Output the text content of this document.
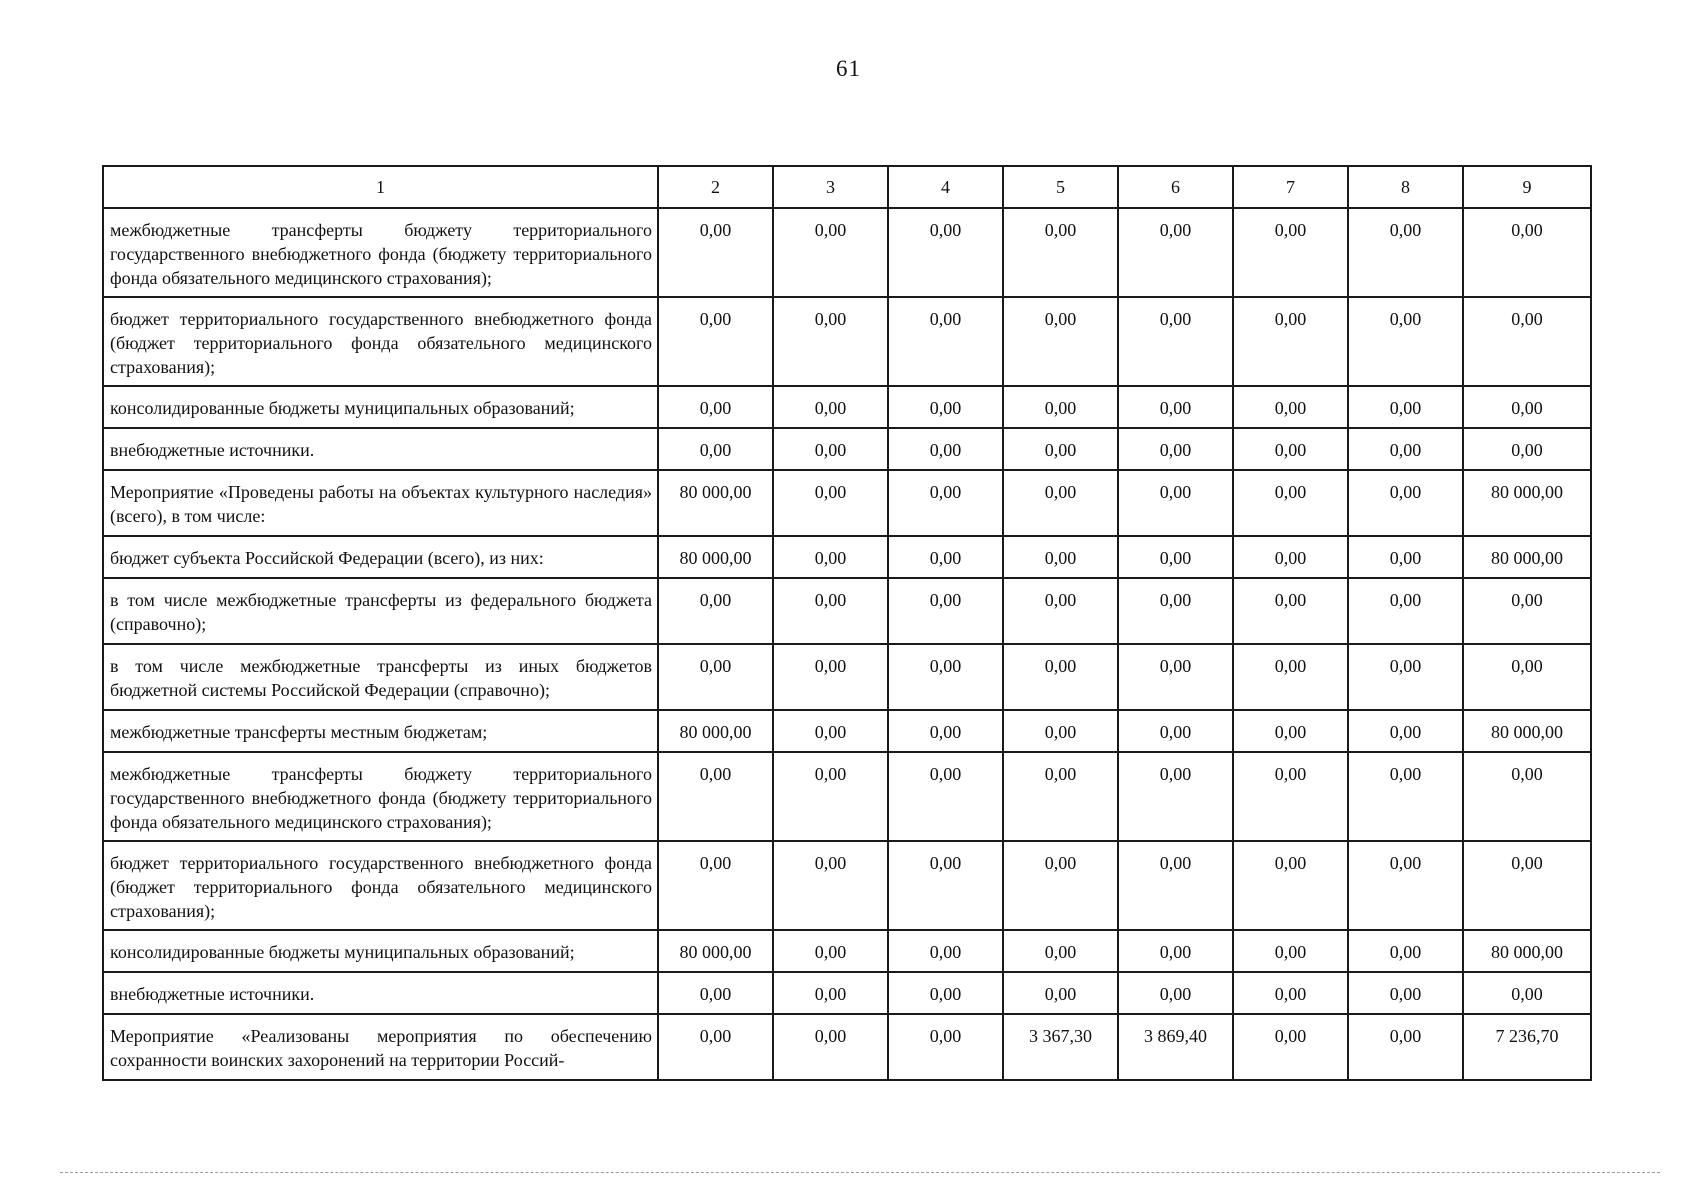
61
1	2	3	4	5	6	7	8	9
межбюджетные трансферты бюджету территориального государственного внебюджетного фонда (бюджету территориального фонда обязательного медицинского страхования);	0,00	0,00	0,00	0,00	0,00	0,00	0,00	0,00
бюджет территориального государственного внебюджетного фонда (бюджет территориального фонда обязательного медицинского страхования);	0,00	0,00	0,00	0,00	0,00	0,00	0,00	0,00
консолидированные бюджеты муниципальных образований;	0,00	0,00	0,00	0,00	0,00	0,00	0,00	0,00
внебюджетные источники.	0,00	0,00	0,00	0,00	0,00	0,00	0,00	0,00
Мероприятие «Проведены работы на объектах культурного наследия» (всего), в том числе:	80 000,00	0,00	0,00	0,00	0,00	0,00	0,00	80 000,00
бюджет субъекта Российской Федерации (всего), из них:	80 000,00	0,00	0,00	0,00	0,00	0,00	0,00	80 000,00
в том числе межбюджетные трансферты из федерального бюджета (справочно);	0,00	0,00	0,00	0,00	0,00	0,00	0,00	0,00
в том числе межбюджетные трансферты из иных бюджетов бюджетной системы Российской Федерации (справочно);	0,00	0,00	0,00	0,00	0,00	0,00	0,00	0,00
межбюджетные трансферты местным бюджетам;	80 000,00	0,00	0,00	0,00	0,00	0,00	0,00	80 000,00
межбюджетные трансферты бюджету территориального государственного внебюджетного фонда (бюджету территориального фонда обязательного медицинского страхования);	0,00	0,00	0,00	0,00	0,00	0,00	0,00	0,00
бюджет территориального государственного внебюджетного фонда (бюджет территориального фонда обязательного медицинского страхования);	0,00	0,00	0,00	0,00	0,00	0,00	0,00	0,00
консолидированные бюджеты муниципальных образований;	80 000,00	0,00	0,00	0,00	0,00	0,00	0,00	80 000,00
внебюджетные источники.	0,00	0,00	0,00	0,00	0,00	0,00	0,00	0,00
Мероприятие «Реализованы мероприятия по обеспечению сохранности воинских захоронений на территории Россий-	0,00	0,00	0,00	3 367,30	3 869,40	0,00	0,00	7 236,70
